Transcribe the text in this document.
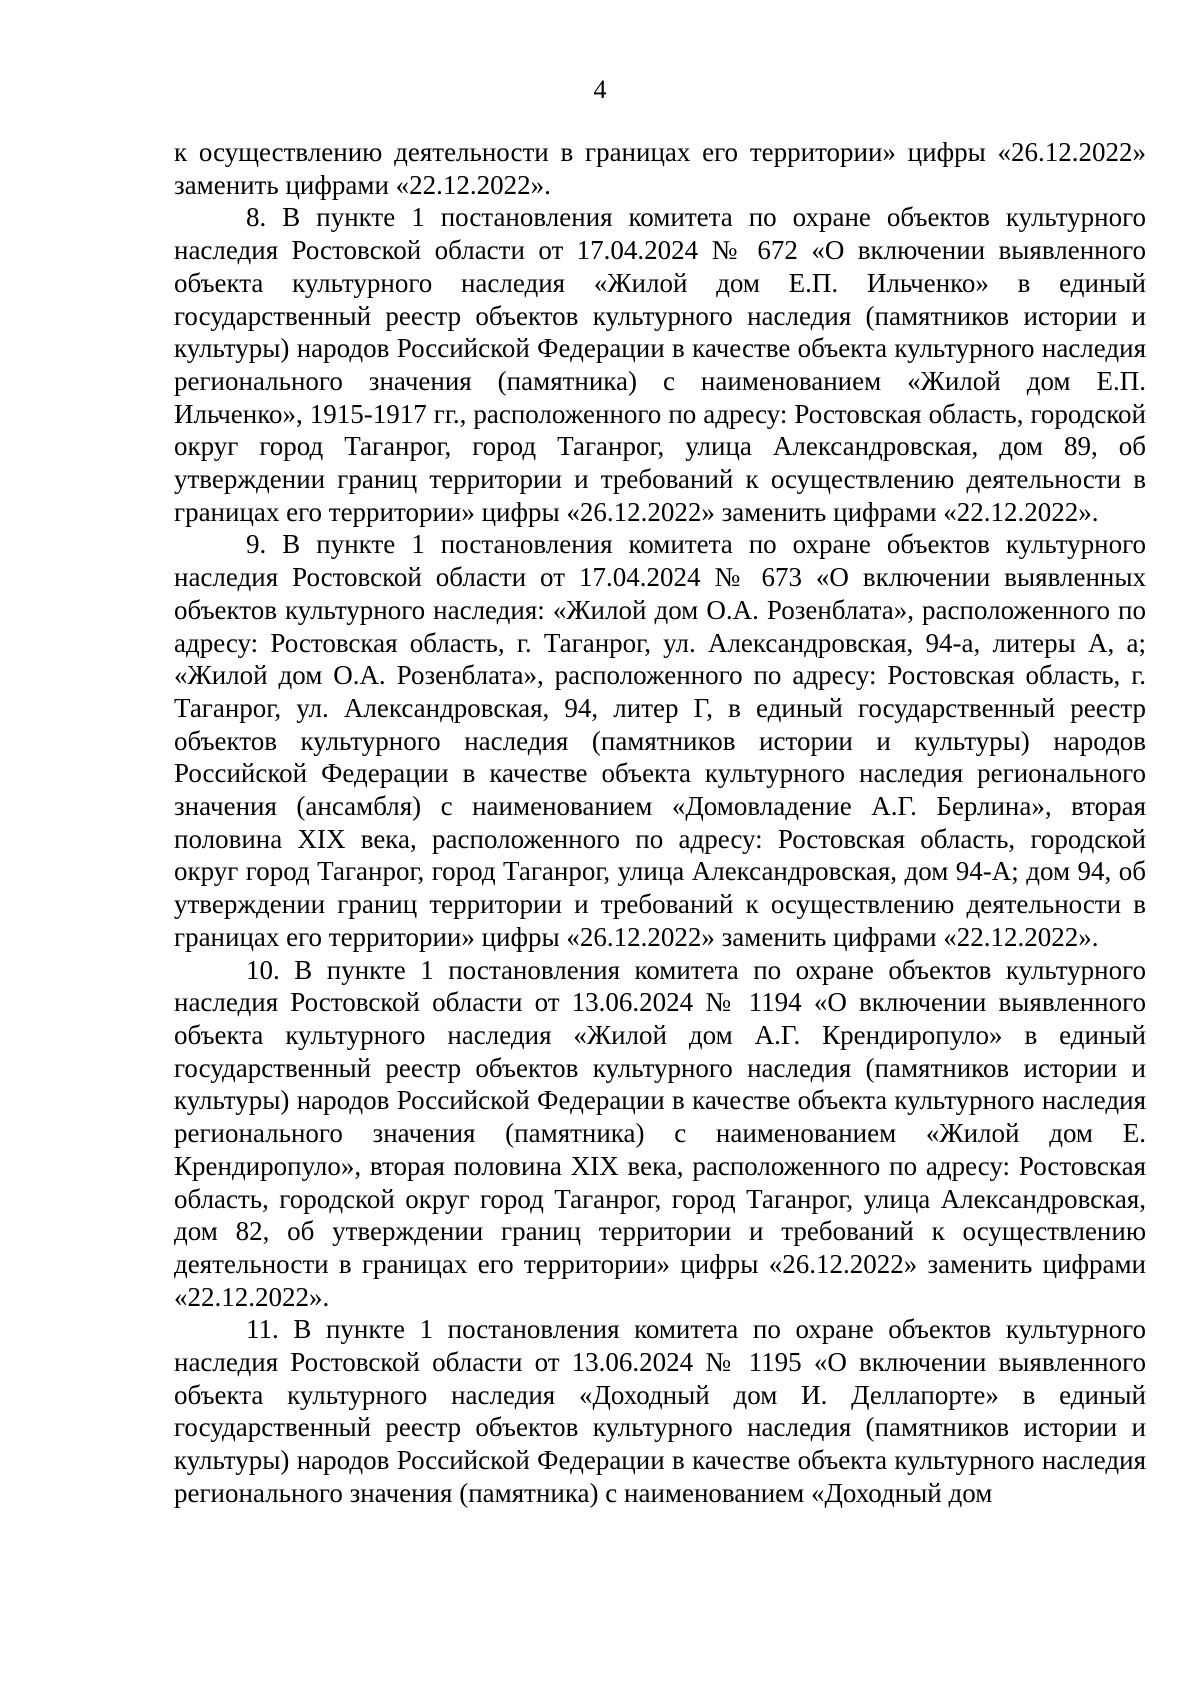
4

к осуществлению деятельности в границах его территории» цифры «26.12.2022» заменить цифрами «22.12.2022».

8. В пункте 1 постановления комитета по охране объектов культурного наследия Ростовской области от 17.04.2024 № 672 «О включении выявленного объекта культурного наследия «Жилой дом Е.П. Ильченко» в единый государственный реестр объектов культурного наследия (памятников истории и культуры) народов Российской Федерации в качестве объекта культурного наследия регионального значения (памятника) с наименованием «Жилой дом Е.П. Ильченко», 1915-1917 гг., расположенного по адресу: Ростовская область, городской округ город Таганрог, город Таганрог, улица Александровская, дом 89, об утверждении границ территории и требований к осуществлению деятельности в границах его территории» цифры «26.12.2022» заменить цифрами «22.12.2022».

9. В пункте 1 постановления комитета по охране объектов культурного наследия Ростовской области от 17.04.2024 № 673 «О включении выявленных объектов культурного наследия: «Жилой дом О.А. Розенблата», расположенного по адресу: Ростовская область, г. Таганрог, ул. Александровская, 94-а, литеры А, а; «Жилой дом О.А. Розенблата», расположенного по адресу: Ростовская область, г. Таганрог, ул. Александровская, 94, литер Г, в единый государственный реестр объектов культурного наследия (памятников истории и культуры) народов Российской Федерации в качестве объекта культурного наследия регионального значения (ансамбля) с наименованием «Домовладение А.Г. Берлина», вторая половина XIX века, расположенного по адресу: Ростовская область, городской округ город Таганрог, город Таганрог, улица Александровская, дом 94-А; дом 94, об утверждении границ территории и требований к осуществлению деятельности в границах его территории» цифры «26.12.2022» заменить цифрами «22.12.2022».

10. В пункте 1 постановления комитета по охране объектов культурного наследия Ростовской области от 13.06.2024 № 1194 «О включении выявленного объекта культурного наследия «Жилой дом А.Г. Крендиропуло» в единый государственный реестр объектов культурного наследия (памятников истории и культуры) народов Российской Федерации в качестве объекта культурного наследия регионального значения (памятника) с наименованием «Жилой дом Е. Крендиропуло», вторая половина XIX века, расположенного по адресу: Ростовская область, городской округ город Таганрог, город Таганрог, улица Александровская, дом 82, об утверждении границ территории и требований к осуществлению деятельности в границах его территории» цифры «26.12.2022» заменить цифрами «22.12.2022».

11. В пункте 1 постановления комитета по охране объектов культурного наследия Ростовской области от 13.06.2024 № 1195 «О включении выявленного объекта культурного наследия «Доходный дом И. Деллапорте» в единый государственный реестр объектов культурного наследия (памятников истории и культуры) народов Российской Федерации в качестве объекта культурного наследия регионального значения (памятника) с наименованием «Доходный дом
